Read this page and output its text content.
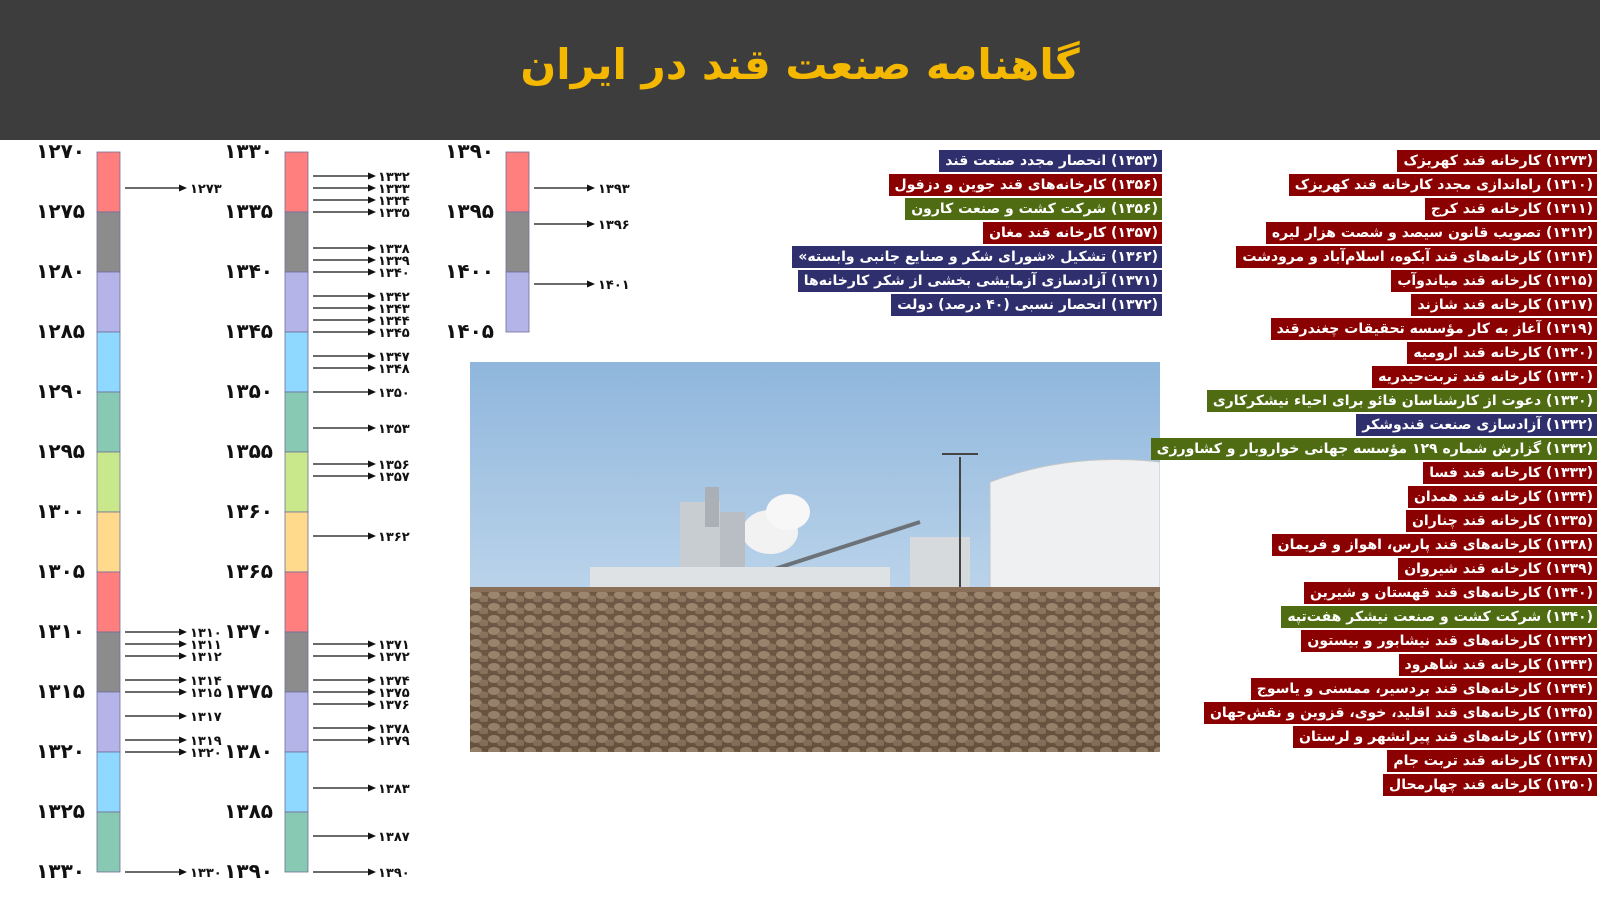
گاهنامه صنعت قند در ایران
۱۲۷۰
۱۲۷۵
۱۲۸۰
۱۲۸۵
۱۲۹۰
۱۲۹۵
۱۳۰۰
۱۳۰۵
۱۳۱۰
۱۳۱۵
۱۳۲۰
۱۳۲۵
۱۳۳۰
۱۲۷۳
۱۳۱۰
۱۳۱۱
۱۳۱۲
۱۳۱۴
۱۳۱۵
۱۳۱۷
۱۳۱۹
۱۳۲۰
۱۳۳۰
۱۳۳۰
۱۳۳۵
۱۳۴۰
۱۳۴۵
۱۳۵۰
۱۳۵۵
۱۳۶۰
۱۳۶۵
۱۳۷۰
۱۳۷۵
۱۳۸۰
۱۳۸۵
۱۳۹۰
۱۳۳۲
۱۳۳۳
۱۳۳۴
۱۳۳۵
۱۳۳۸
۱۳۳۹
۱۳۴۰
۱۳۴۲
۱۳۴۳
۱۳۴۴
۱۳۴۵
۱۳۴۷
۱۳۴۸
۱۳۵۰
۱۳۵۳
۱۳۵۶
۱۳۵۷
۱۳۶۲
۱۳۷۱
۱۳۷۲
۱۳۷۴
۱۳۷۵
۱۳۷۶
۱۳۷۸
۱۳۷۹
۱۳۸۳
۱۳۸۷
۱۳۹۰
۱۳۹۰
۱۳۹۵
۱۴۰۰
۱۴۰۵
۱۳۹۳
۱۳۹۶
۱۴۰۱
(۱۳۵۳) انحصار مجدد صنعت قند
(۱۳۵۶) کارخانه‌های قند جوین و دزفول
(۱۳۵۶) شرکت کشت و صنعت کارون
(۱۳۵۷) کارخانه قند مغان
(۱۳۶۲) تشکیل «شورای شکر و صنایع جانبی وابسته»
(۱۳۷۱) آزادسازی آزمایشی بخشی از شکر کارخانه‌ها
(۱۳۷۲) انحصار نسبی (۴۰ درصد) دولت
(۱۲۷۳) کارخانه قند کهریزک
(۱۳۱۰) راه‌اندازی مجدد کارخانه قند کهریزک
(۱۳۱۱) کارخانه قند کرج
(۱۳۱۲) تصویب قانون سیصد و شصت هزار لیره
(۱۳۱۴) کارخانه‌های قند آبکوه، اسلام‌آباد و مرودشت
(۱۳۱۵) کارخانه قند میاندوآب
(۱۳۱۷) کارخانه قند شازند
(۱۳۱۹) آغاز به کار مؤسسه تحقیقات چغندرقند
(۱۳۲۰) کارخانه قند ارومیه
(۱۳۳۰) کارخانه قند تربت‌حیدریه
(۱۳۳۰) دعوت از کارشناسان فائو برای احیاء نیشکرکاری
(۱۳۳۲) آزادسازی صنعت قندوشکر
(۱۳۳۲) گزارش شماره ۱۲۹ مؤسسه جهانی خواروبار و کشاورزی
(۱۳۳۳) کارخانه قند فسا
(۱۳۳۴) کارخانه قند همدان
(۱۳۳۵) کارخانه قند چناران
(۱۳۳۸) کارخانه‌های قند پارس، اهواز و فریمان
(۱۳۳۹) کارخانه قند شیروان
(۱۳۴۰) کارخانه‌های قند قهستان و شیرین
(۱۳۴۰) شرکت کشت و صنعت نیشکر هفت‌تپه
(۱۳۴۲) کارخانه‌های قند نیشابور و بیستون
(۱۳۴۳) کارخانه قند شاهرود
(۱۳۴۴) کارخانه‌های قند بردسیر، ممسنی و یاسوج
(۱۳۴۵) کارخانه‌های قند اقلید، خوی، قزوین و نقش‌جهان
(۱۳۴۷) کارخانه‌های قند پیرانشهر و لرستان
(۱۳۴۸) کارخانه قند تربت جام
(۱۳۵۰) کارخانه قند چهارمحال
